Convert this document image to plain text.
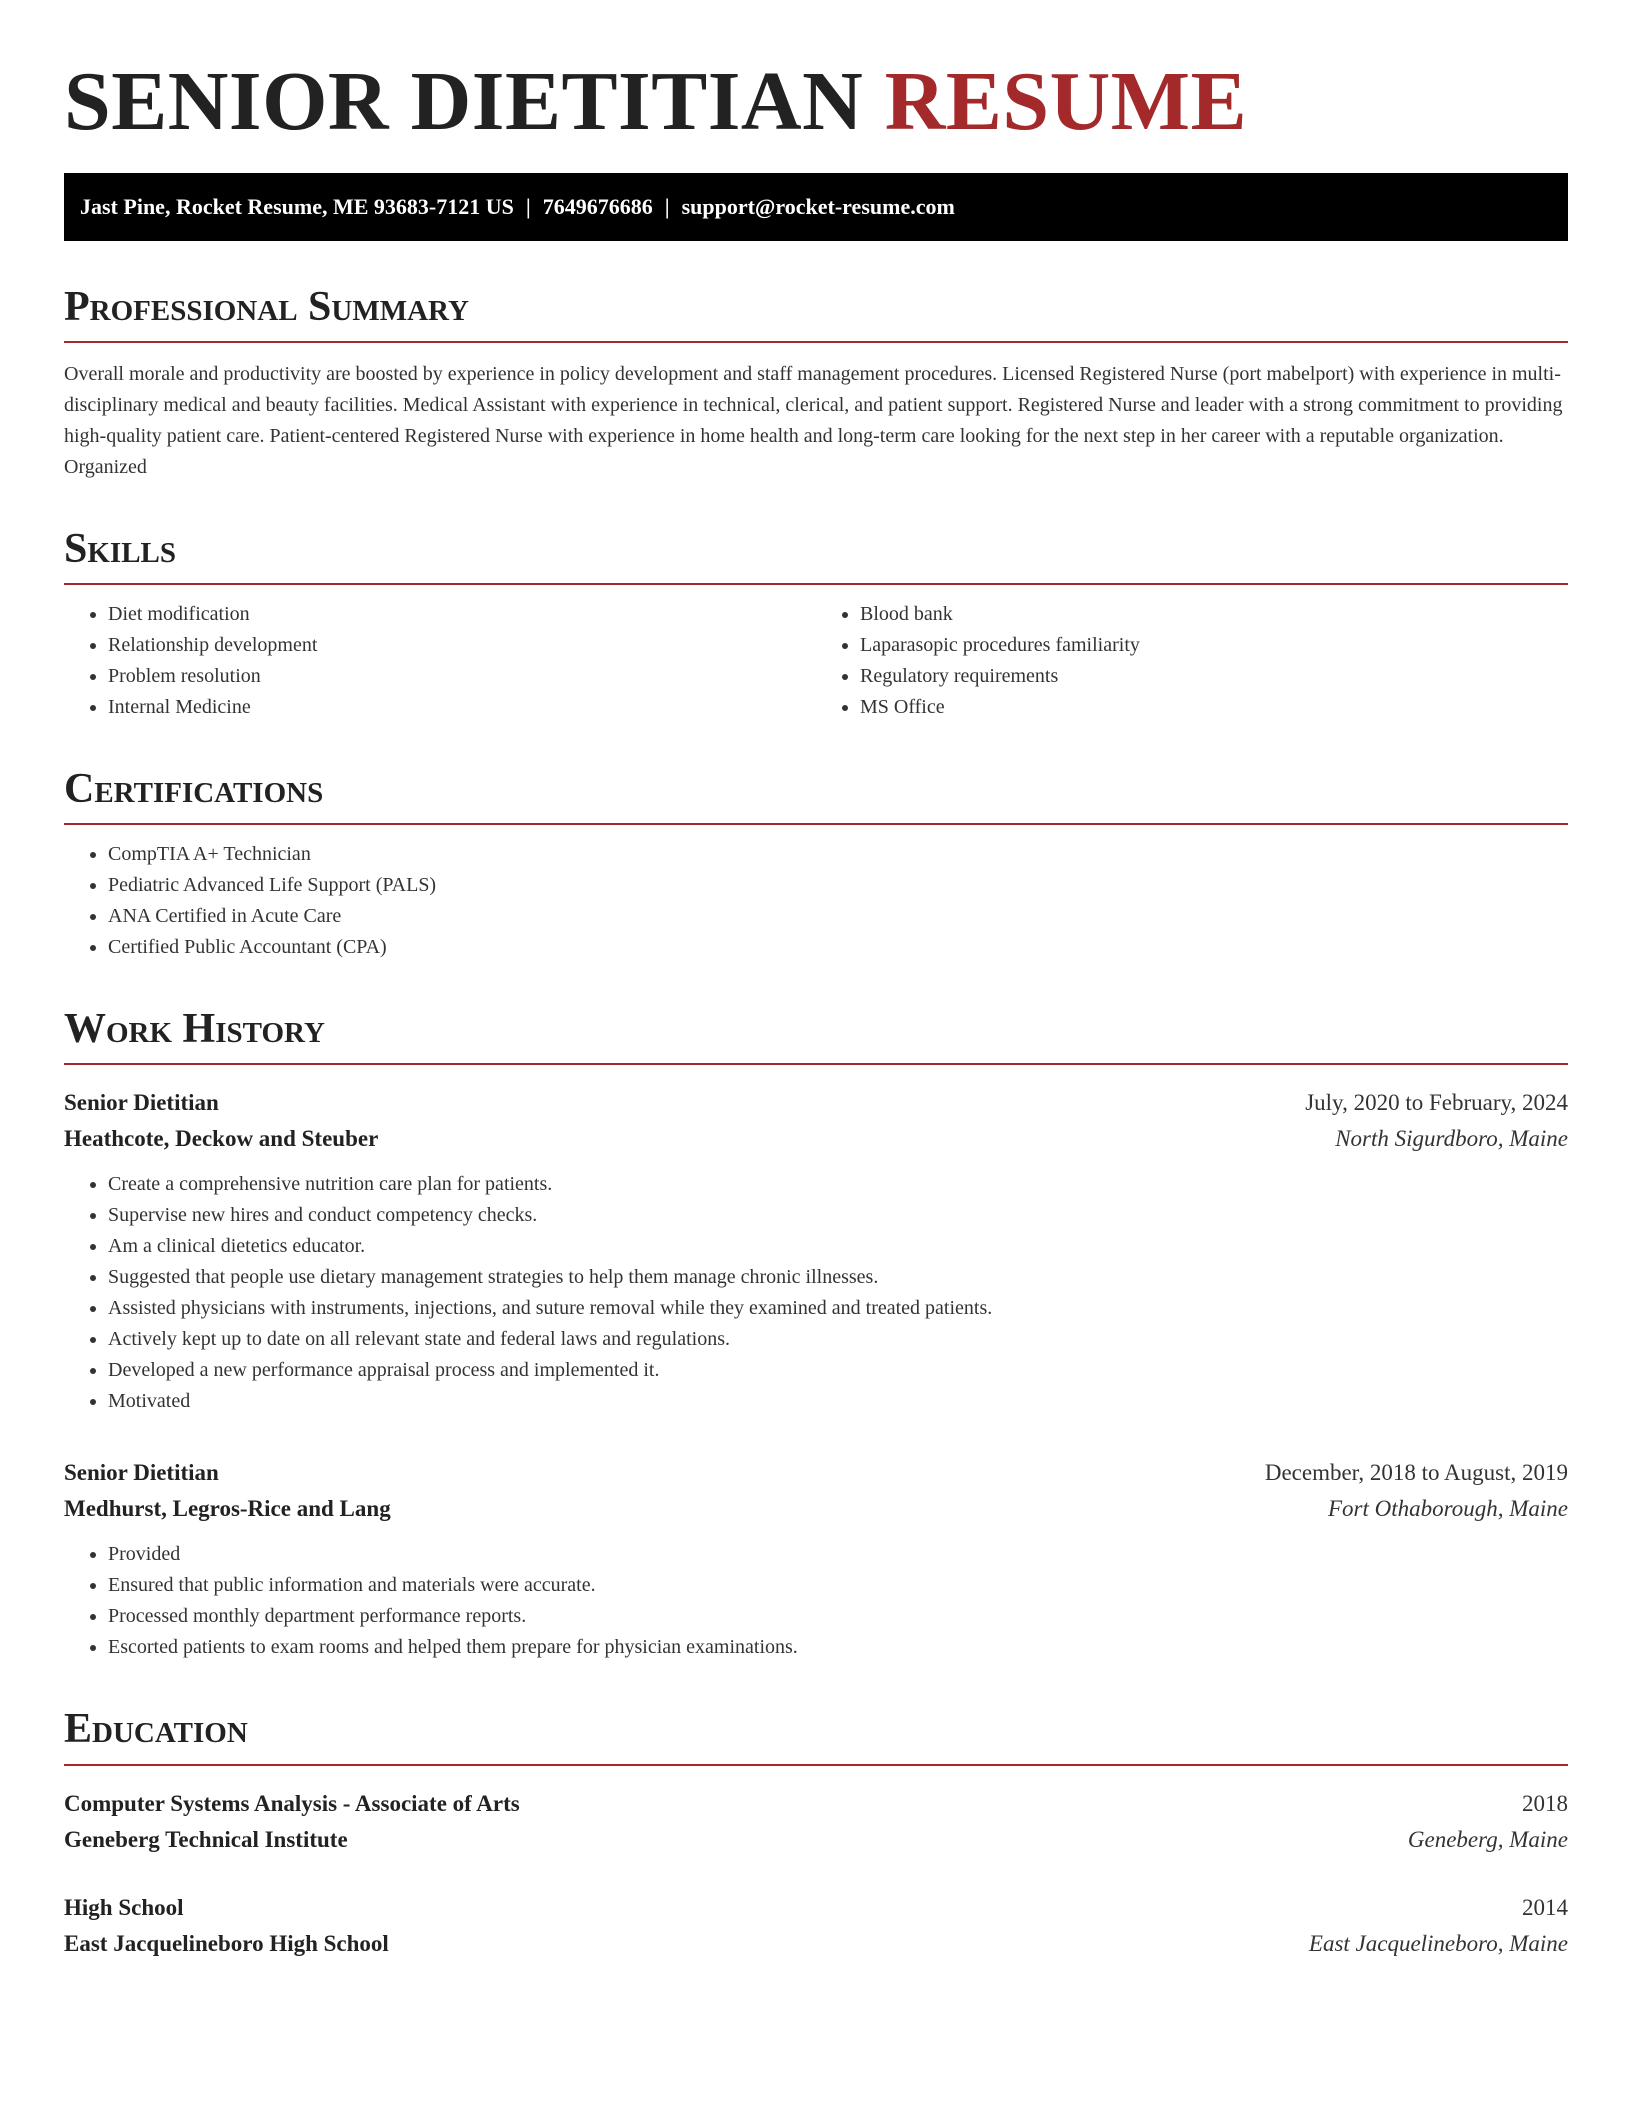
SENIOR DIETITIAN RESUME
Jast Pine, Rocket Resume, ME 93683-7121 US | 7649676686 | support@rocket-resume.com
Professional Summary

Overall morale and productivity are boosted by experience in policy development and staff management procedures. Licensed Registered Nurse (port mabelport) with experience in multi-disciplinary medical and beauty facilities. Medical Assistant with experience in technical, clerical, and patient support. Registered Nurse and leader with a strong commitment to providing high-quality patient care. Patient-centered Registered Nurse with experience in home health and long-term care looking for the next step in her career with a reputable organization. Organized

Skills
• Diet modification
• Relationship development
• Problem resolution
• Internal Medicine
• Blood bank
• Laparasopic procedures familiarity
• Regulatory requirements
• MS Office
Certifications
• CompTIA A+ Technician
• Pediatric Advanced Life Support (PALS)
• ANA Certified in Acute Care
• Certified Public Accountant (CPA)
Work History
Senior Dietitian	July, 2020 to February, 2024
Heathcote, Deckow and Steuber	North Sigurdboro, Maine
• Create a comprehensive nutrition care plan for patients.
• Supervise new hires and conduct competency checks.
• Am a clinical dietetics educator.
• Suggested that people use dietary management strategies to help them manage chronic illnesses.
• Assisted physicians with instruments, injections, and suture removal while they examined and treated patients.
• Actively kept up to date on all relevant state and federal laws and regulations.
• Developed a new performance appraisal process and implemented it.
• Motivated
Senior Dietitian	December, 2018 to August, 2019
Medhurst, Legros-Rice and Lang	Fort Othaborough, Maine
• Provided
• Ensured that public information and materials were accurate.
• Processed monthly department performance reports.
• Escorted patients to exam rooms and helped them prepare for physician examinations.
Education
Computer Systems Analysis - Associate of Arts	2018
Geneberg Technical Institute	Geneberg, Maine
High School	2014
East Jacquelineboro High School	East Jacquelineboro, Maine
